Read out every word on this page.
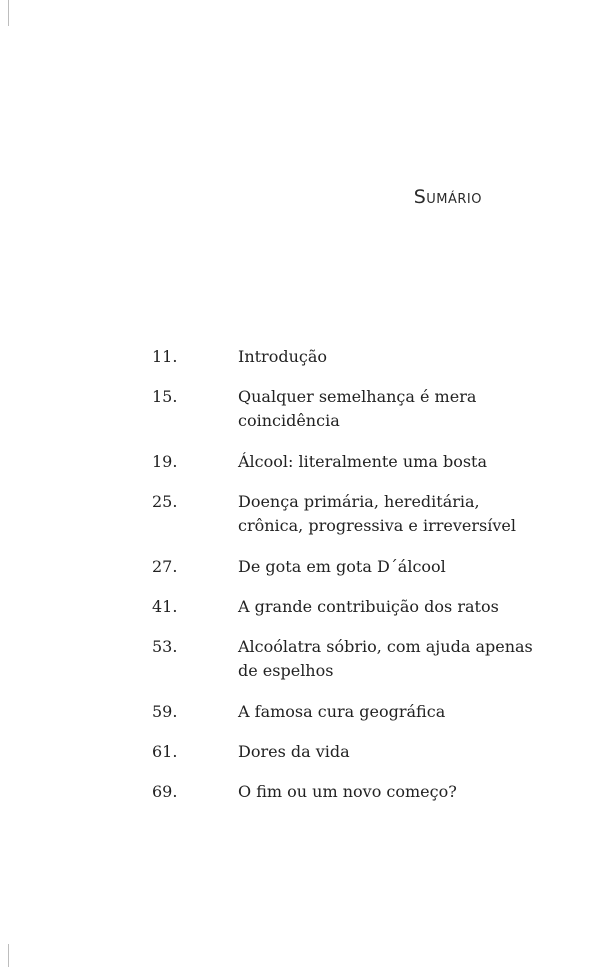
Sumário
11.	Introdução
15.	Qualquer semelhança é mera coincidência
19.	Álcool: literalmente uma bosta
25.	Doença primária, hereditária, crônica, progressiva e irreversível
27.	De gota em gota D´álcool
41.	A grande contribuição dos ratos
53.	Alcoólatra sóbrio, com ajuda apenas de espelhos
59.	A famosa cura geográfica
61.	Dores da vida
69.	O fim ou um novo começo?
